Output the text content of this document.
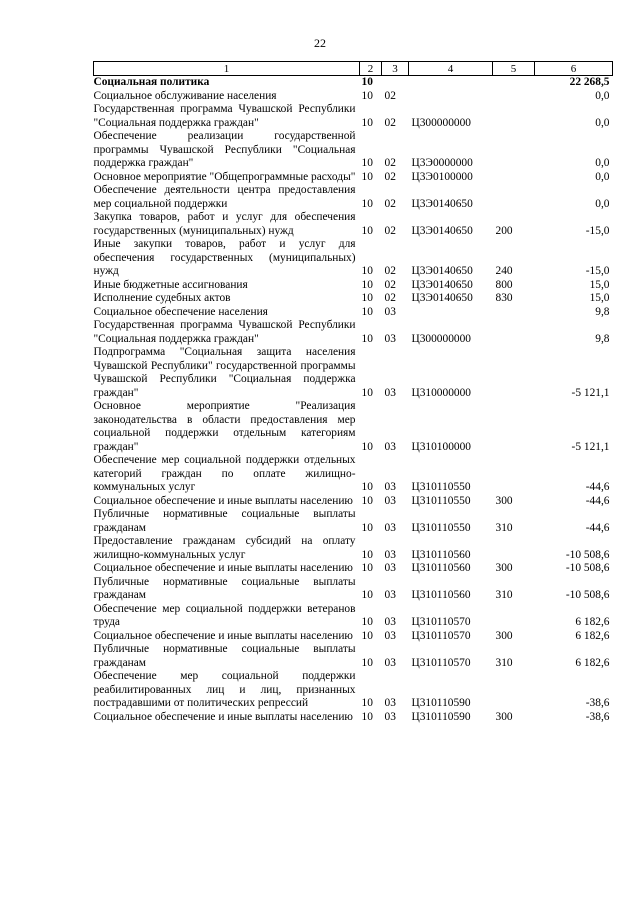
22
1	2	3	4	5	6
Социальная политика	10				22 268,5
Социальное обслуживание населения	10	02			0,0
Государственная программа Чувашской Республики "Социальная поддержка граждан"	10	02	Ц300000000		0,0
Обеспечение реализации государственной программы Чувашской Республики "Социальная поддержка граждан"	10	02	Ц3Э0000000		0,0
Основное мероприятие "Общепрограммные расходы"	10	02	Ц3Э0100000		0,0
Обеспечение деятельности центра предоставления мер социальной поддержки	10	02	Ц3Э0140650		0,0
Закупка товаров, работ и услуг для обеспечения государственных (муниципальных) нужд	10	02	Ц3Э0140650	200	-15,0
Иные закупки товаров, работ и услуг для обеспечения государственных (муниципальных) нужд	10	02	Ц3Э0140650	240	-15,0
Иные бюджетные ассигнования	10	02	Ц3Э0140650	800	15,0
Исполнение судебных актов	10	02	Ц3Э0140650	830	15,0
Социальное обеспечение населения	10	03			9,8
Государственная программа Чувашской Республики "Социальная поддержка граждан"	10	03	Ц300000000		9,8
Подпрограмма "Социальная защита населения Чувашской Республики" государственной программы Чувашской Республики "Социальная поддержка граждан"	10	03	Ц310000000		-5 121,1
Основное мероприятие "Реализация законодательства в области предоставления мер социальной поддержки отдельным категориям граждан"	10	03	Ц310100000		-5 121,1
Обеспечение мер социальной поддержки отдельных категорий граждан по оплате жилищно-коммунальных услуг	10	03	Ц310110550		-44,6
Социальное обеспечение и иные выплаты населению	10	03	Ц310110550	300	-44,6
Публичные нормативные социальные выплаты гражданам	10	03	Ц310110550	310	-44,6
Предоставление гражданам субсидий на оплату жилищно-коммунальных услуг	10	03	Ц310110560		-10 508,6
Социальное обеспечение и иные выплаты населению	10	03	Ц310110560	300	-10 508,6
Публичные нормативные социальные выплаты гражданам	10	03	Ц310110560	310	-10 508,6
Обеспечение мер социальной поддержки ветеранов труда	10	03	Ц310110570		6 182,6
Социальное обеспечение и иные выплаты населению	10	03	Ц310110570	300	6 182,6
Публичные нормативные социальные выплаты гражданам	10	03	Ц310110570	310	6 182,6
Обеспечение мер социальной поддержки реабилитированных лиц и лиц, признанных пострадавшими от политических репрессий	10	03	Ц310110590		-38,6
Социальное обеспечение и иные выплаты населению	10	03	Ц310110590	300	-38,6
